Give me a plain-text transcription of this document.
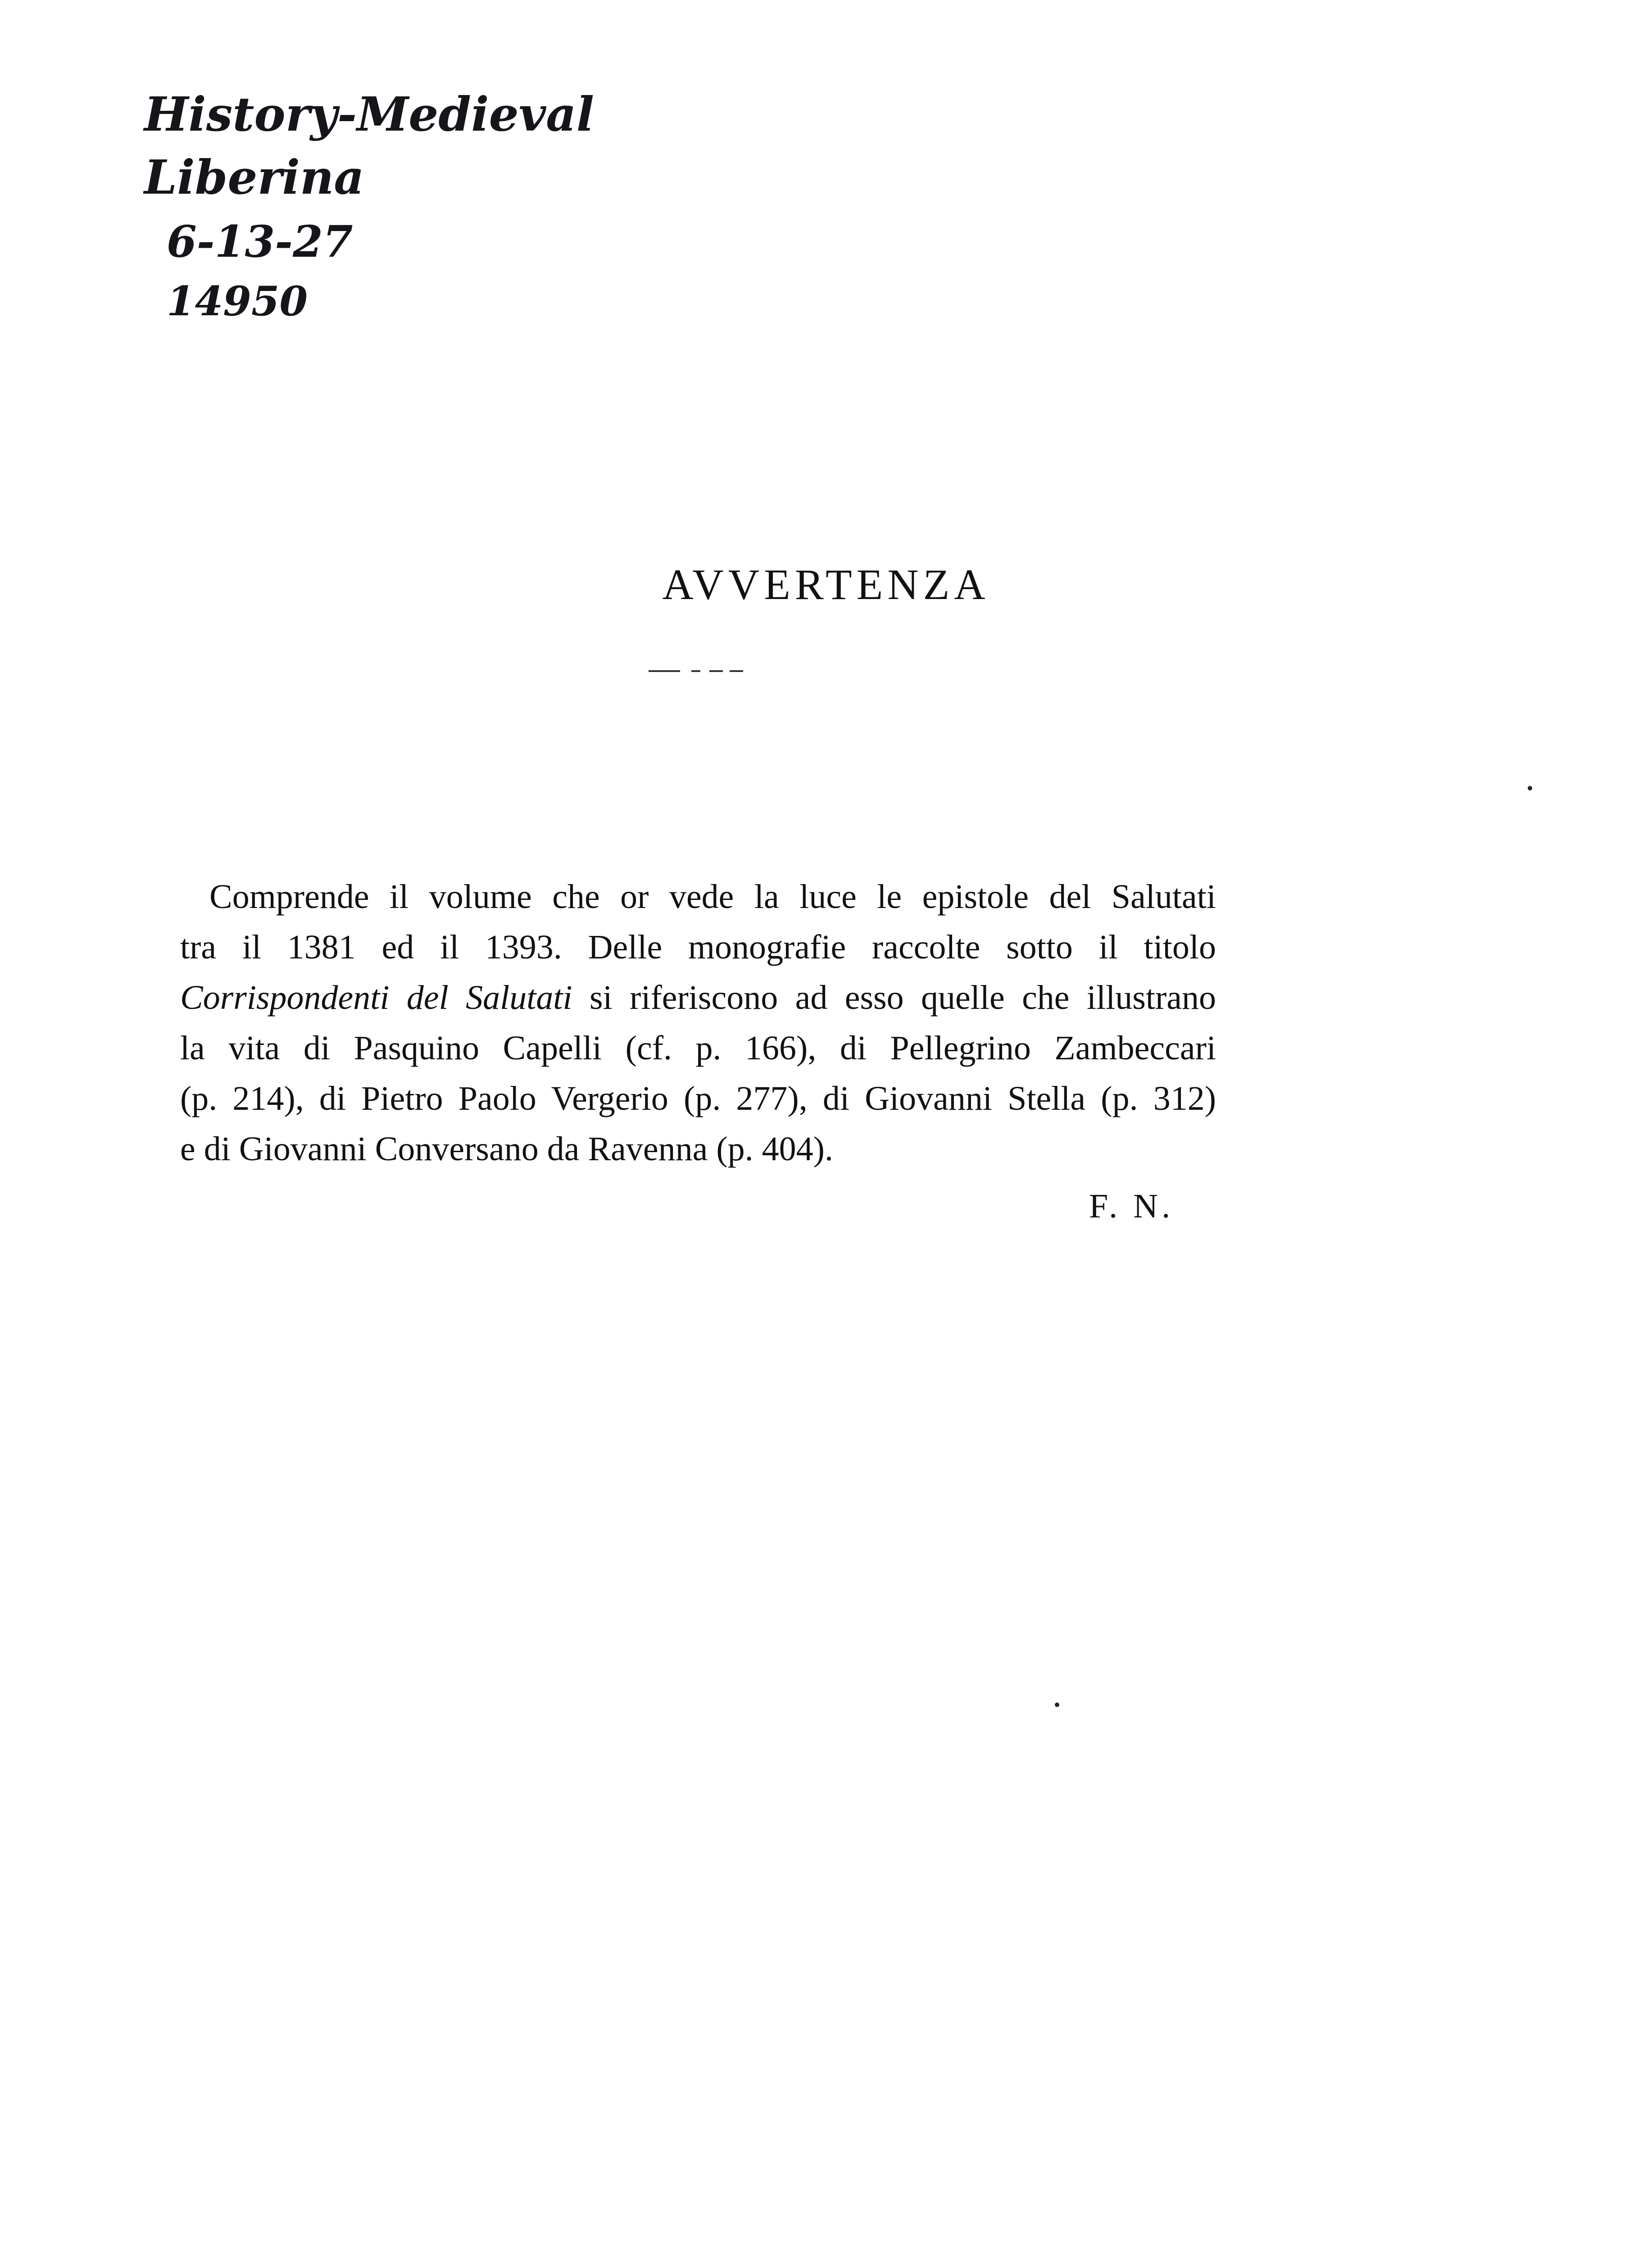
History-Medieval
Liberina
6-13-27
14950
AVVERTENZA
Comprende il volume che or vede la luce le epistole del Salutati
tra il 1381 ed il 1393. Delle monografie raccolte sotto il titolo
Corrispondenti del Salutati si riferiscono ad esso quelle che illustrano
la vita di Pasquino Capelli (cf. p. 166), di Pellegrino Zambeccari
(p. 214), di Pietro Paolo Vergerio (p. 277), di Giovanni Stella (p. 312)
e di Giovanni Conversano da Ravenna (p. 404).
F. N.
